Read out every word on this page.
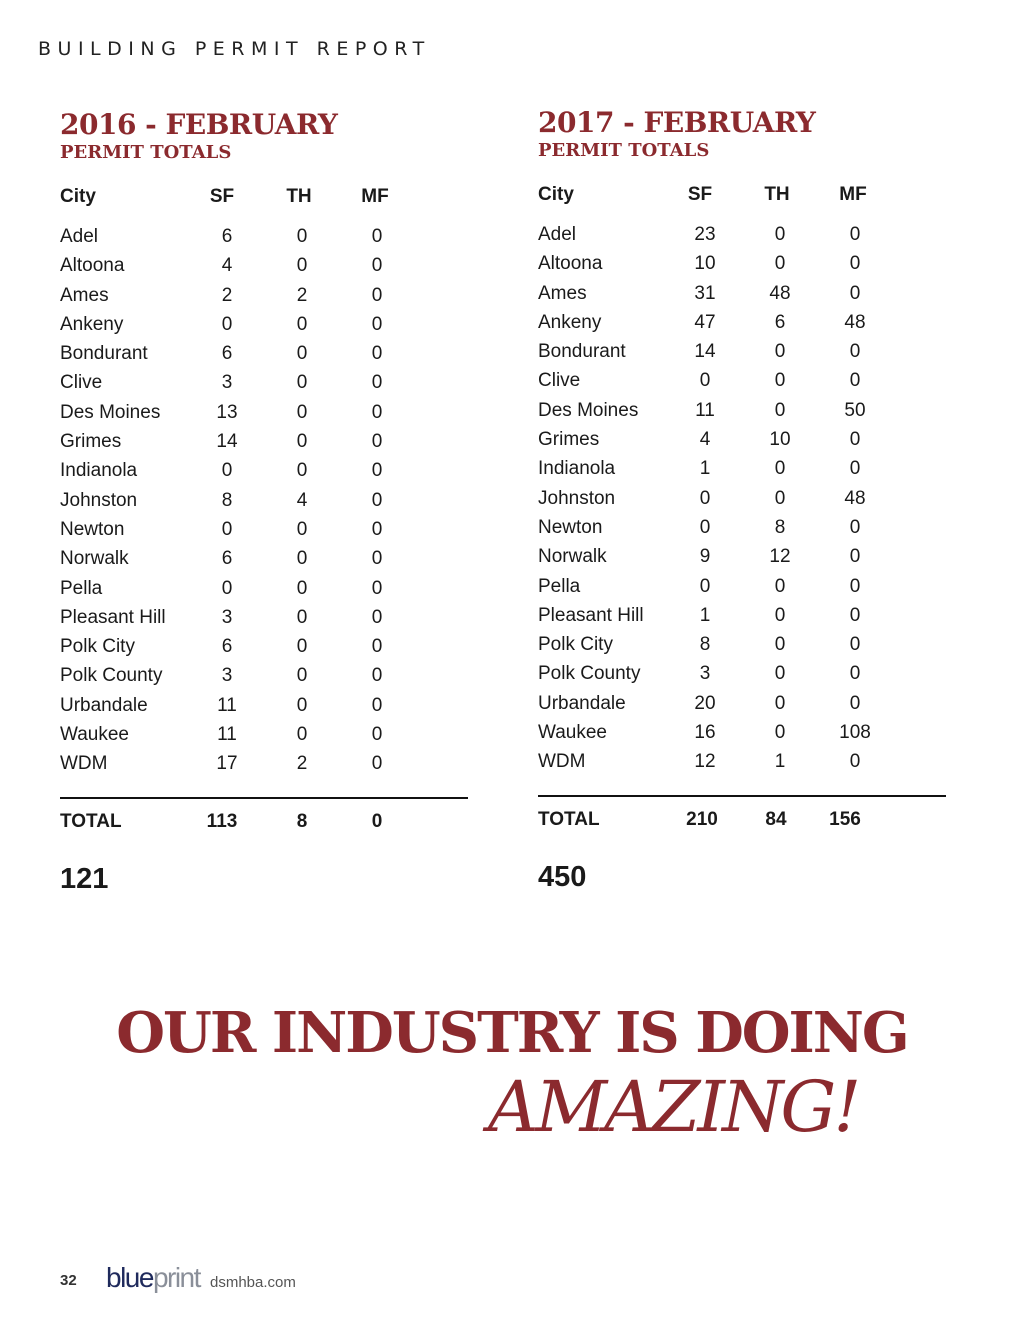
BUILDING PERMIT REPORT
2016 - FEBRUARY
PERMIT TOTALS
City	SF	TH	MF
Adel	6	0	0
Altoona	4	0	0
Ames	2	2	0
Ankeny	0	0	0
Bondurant	6	0	0
Clive	3	0	0
Des Moines	13	0	0
Grimes	14	0	0
Indianola	0	0	0
Johnston	8	4	0
Newton	0	0	0
Norwalk	6	0	0
Pella	0	0	0
Pleasant Hill	3	0	0
Polk City	6	0	0
Polk County	3	0	0
Urbandale	11	0	0
Waukee	11	0	0
WDM	17	2	0
TOTAL	113	8	0
121
2017 - FEBRUARY
PERMIT TOTALS
City	SF	TH	MF
Adel	23	0	0
Altoona	10	0	0
Ames	31	48	0
Ankeny	47	6	48
Bondurant	14	0	0
Clive	0	0	0
Des Moines	11	0	50
Grimes	4	10	0
Indianola	1	0	0
Johnston	0	0	48
Newton	0	8	0
Norwalk	9	12	0
Pella	0	0	0
Pleasant Hill	1	0	0
Polk City	8	0	0
Polk County	3	0	0
Urbandale	20	0	0
Waukee	16	0	108
WDM	12	1	0
TOTAL	210	84	156
450
OUR INDUSTRY IS DOING
AMAZING!
32 blueprint dsmhba.com
